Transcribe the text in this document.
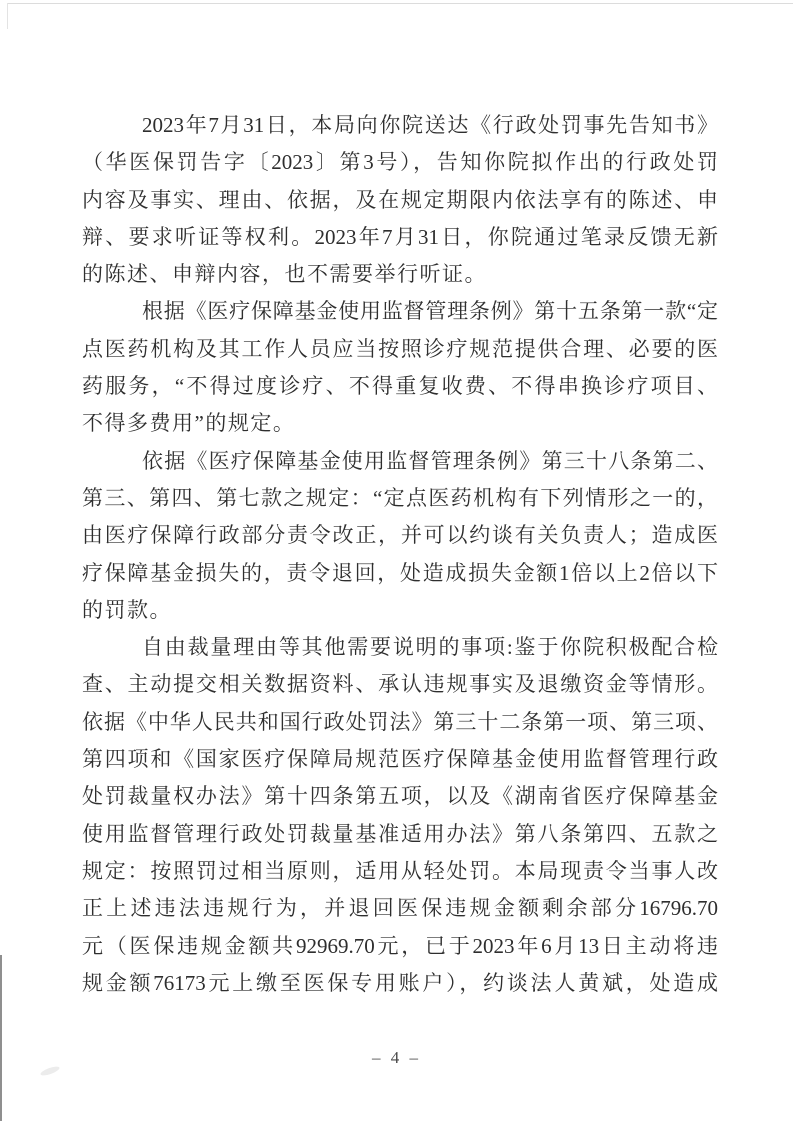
2023年7月31日，本局向你院送达《行政处罚事先告知书》
（华医保罚告字〔2023〕第3号），告知你院拟作出的行政处罚
内容及事实、理由、依据，及在规定期限内依法享有的陈述、申
辩、要求听证等权利。2023年7月31日，你院通过笔录反馈无新
的陈述、申辩内容，也不需要举行听证。
根据《医疗保障基金使用监督管理条例》第十五条第一款“定
点医药机构及其工作人员应当按照诊疗规范提供合理、必要的医
药服务，“不得过度诊疗、不得重复收费、不得串换诊疗项目、
不得多费用”的规定。
依据《医疗保障基金使用监督管理条例》第三十八条第二、
第三、第四、第七款之规定：“定点医药机构有下列情形之一的，
由医疗保障行政部分责令改正，并可以约谈有关负责人；造成医
疗保障基金损失的，责令退回，处造成损失金额1倍以上2倍以下
的罚款。
自由裁量理由等其他需要说明的事项:鉴于你院积极配合检
查、主动提交相关数据资料、承认违规事实及退缴资金等情形。
依据《中华人民共和国行政处罚法》第三十二条第一项、第三项、
第四项和《国家医疗保障局规范医疗保障基金使用监督管理行政
处罚裁量权办法》第十四条第五项，以及《湖南省医疗保障基金
使用监督管理行政处罚裁量基准适用办法》第八条第四、五款之
规定：按照罚过相当原则，适用从轻处罚。本局现责令当事人改
正上述违法违规行为，并退回医保违规金额剩余部分16796.70
元（医保违规金额共92969.70元，已于2023年6月13日主动将违
规金额76173元上缴至医保专用账户），约谈法人黄斌，处造成
– 4 –
